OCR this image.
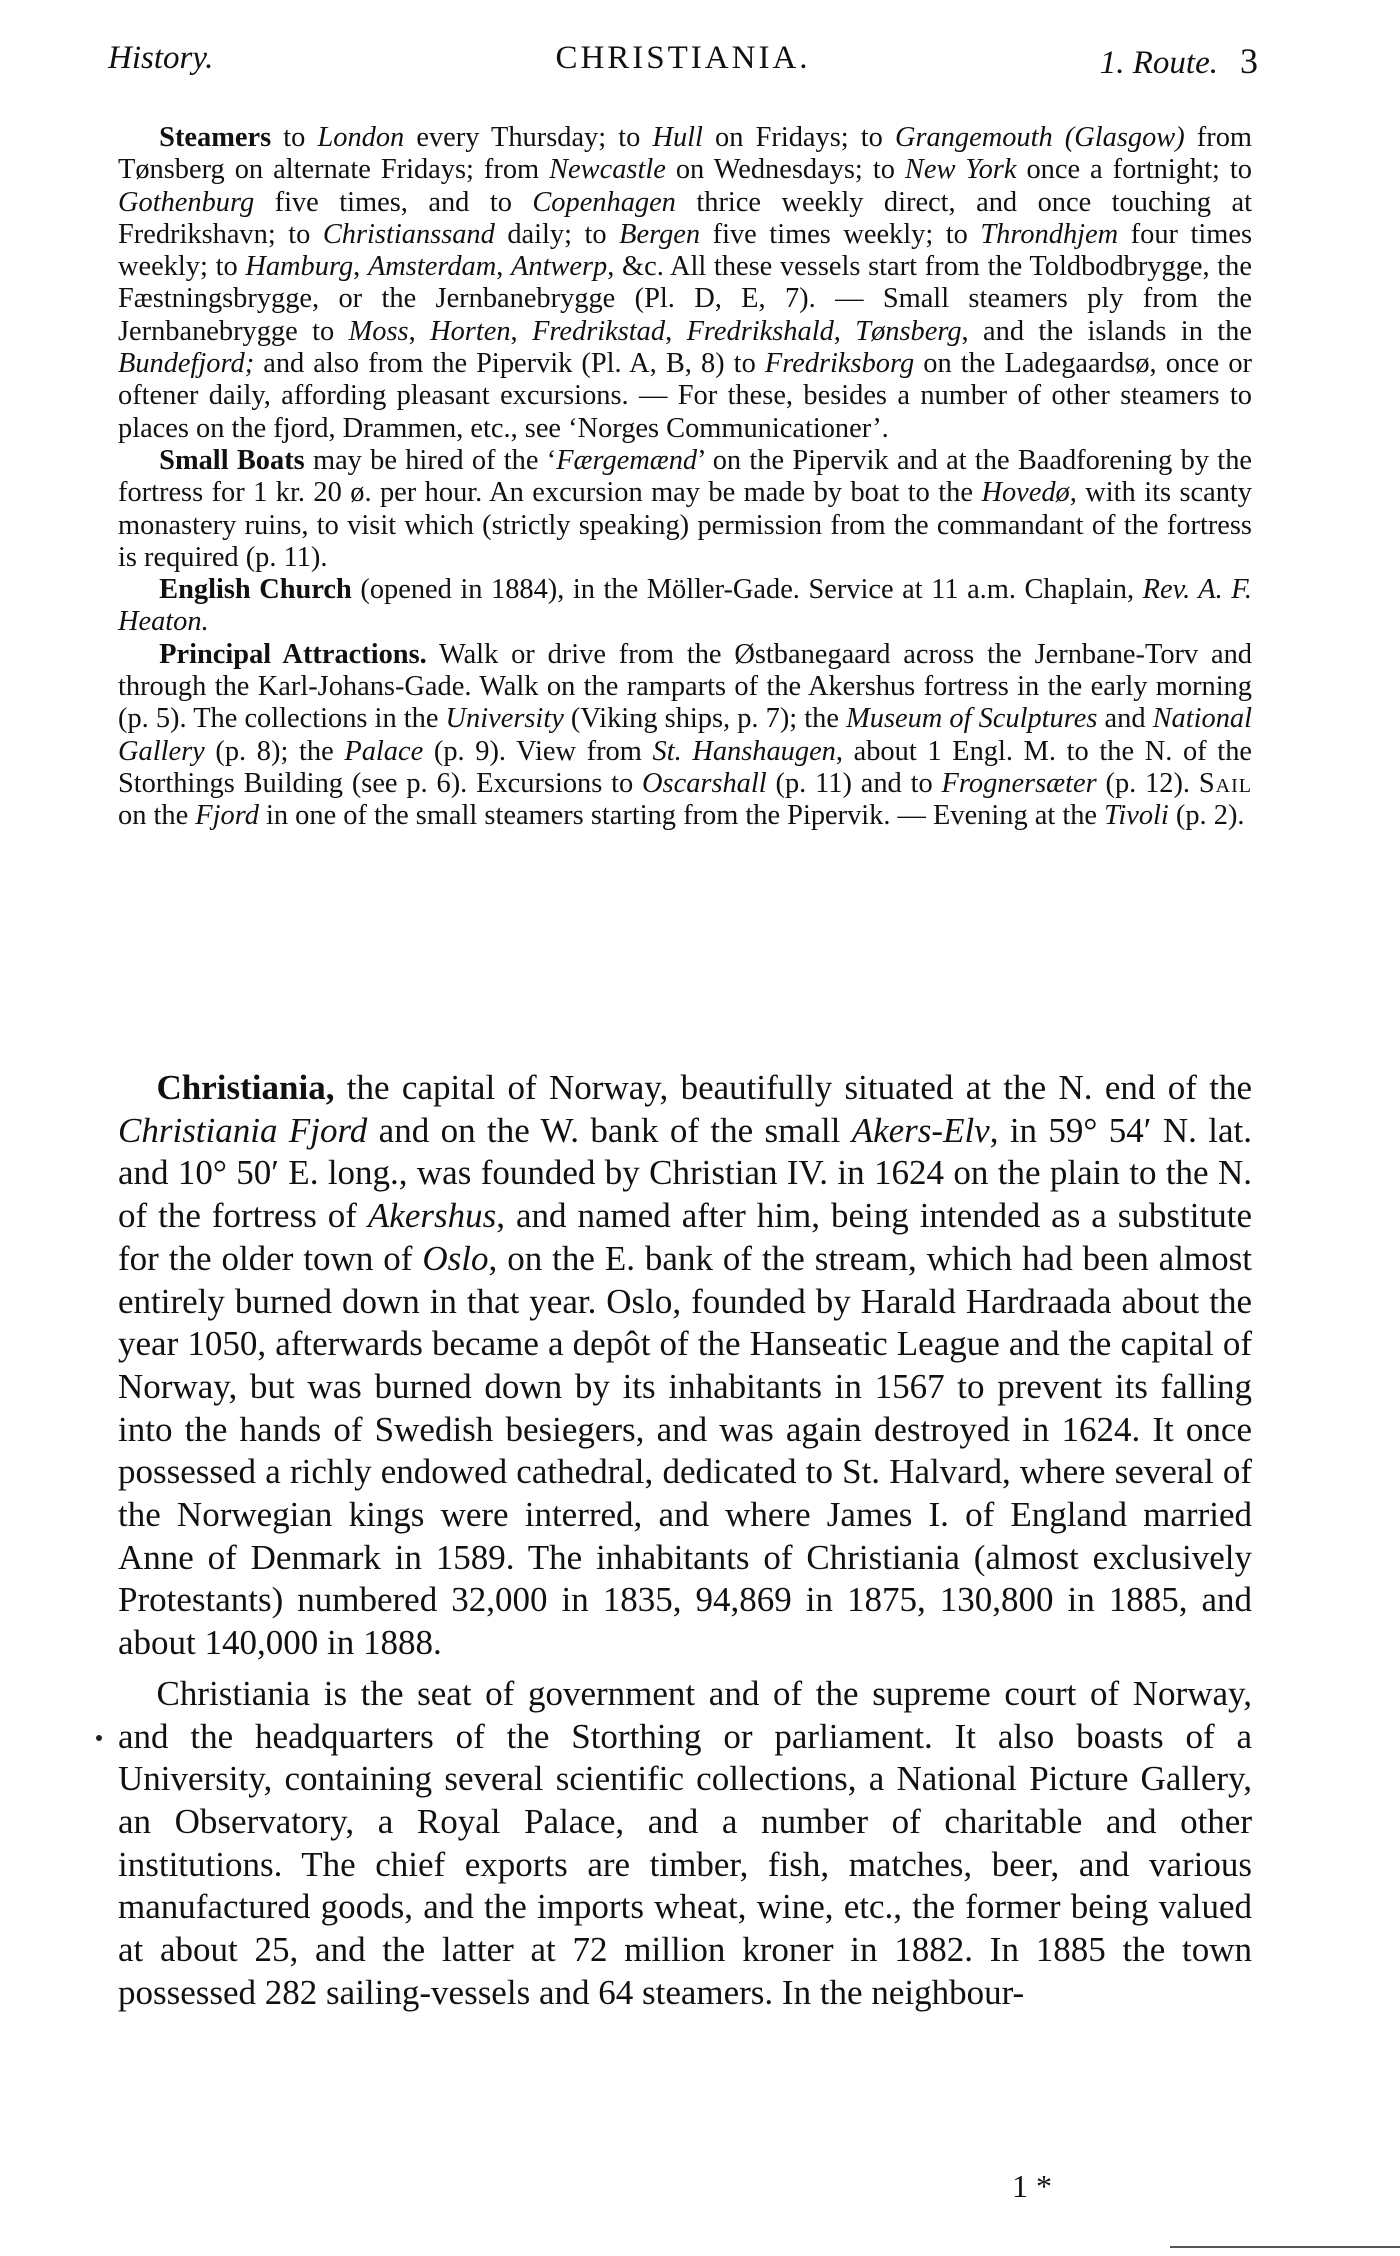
History.	CHRISTIANIA.	1. Route. 3

Steamers to London every Thursday; to Hull on Fridays; to Grangemouth (Glasgow) from Tønsberg on alternate Fridays; from Newcastle on Wednesdays; to New York once a fortnight; to Gothenburg five times, and to Copenhagen thrice weekly direct, and once touching at Fredrikshavn; to Christianssand daily; to Bergen five times weekly; to Throndhjem four times weekly; to Hamburg, Amsterdam, Antwerp, &c. All these vessels start from the Toldbodbrygge, the Fæstningsbrygge, or the Jernbanebrygge (Pl. D, E, 7). — Small steamers ply from the Jernbanebrygge to Moss, Horten, Fredrikstad, Fredrikshald, Tønsberg, and the islands in the Bundefjord; and also from the Pipervik (Pl. A, B, 8) to Fredriksborg on the Ladegaardsø, once or oftener daily, affording pleasant excursions. — For these, besides a number of other steamers to places on the fjord, Drammen, etc., see ‘Norges Communicationer’.

Small Boats may be hired of the ‘Færgemænd’ on the Pipervik and at the Baadforening by the fortress for 1 kr. 20 ø. per hour. An excursion may be made by boat to the Hovedø, with its scanty monastery ruins, to visit which (strictly speaking) permission from the commandant of the fortress is required (p. 11).

English Church (opened in 1884), in the Möller-Gade. Service at 11 a.m. Chaplain, Rev. A. F. Heaton.

Principal Attractions. Walk or drive from the Østbanegaard across the Jernbane-Torv and through the Karl-Johans-Gade. Walk on the ramparts of the Akershus fortress in the early morning (p. 5). The collections in the University (Viking ships, p. 7); the Museum of Sculptures and National Gallery (p. 8); the Palace (p. 9). View from St. Hanshaugen, about 1 Engl. M. to the N. of the Storthings Building (see p. 6). Excursions to Oscarshall (p. 11) and to Frognersæter (p. 12). Sail on the Fjord in one of the small steamers starting from the Pipervik. — Evening at the Tivoli (p. 2).

Christiania, the capital of Norway, beautifully situated at the N. end of the Christiania Fjord and on the W. bank of the small Akers-Elv, in 59° 54′ N. lat. and 10° 50′ E. long., was founded by Christian IV. in 1624 on the plain to the N. of the fortress of Akershus, and named after him, being intended as a substitute for the older town of Oslo, on the E. bank of the stream, which had been almost entirely burned down in that year. Oslo, founded by Harald Hardraada about the year 1050, afterwards became a depôt of the Hanseatic League and the capital of Norway, but was burned down by its inhabitants in 1567 to prevent its falling into the hands of Swedish besiegers, and was again destroyed in 1624. It once possessed a richly endowed cathedral, dedicated to St. Halvard, where several of the Norwegian kings were interred, and where James I. of England married Anne of Denmark in 1589. The inhabitants of Christiania (almost exclusively Protestants) numbered 32,000 in 1835, 94,869 in 1875, 130,800 in 1885, and about 140,000 in 1888.

Christiania is the seat of government and of the supreme court of Norway, and the headquarters of the Storthing or parliament. It also boasts of a University, containing several scientific collections, a National Picture Gallery, an Observatory, a Royal Palace, and a number of charitable and other institutions. The chief exports are timber, fish, matches, beer, and various manufactured goods, and the imports wheat, wine, etc., the former being valued at about 25, and the latter at 72 million kroner in 1882. In 1885 the town possessed 282 sailing-vessels and 64 steamers. In the neighbour-

1 *
